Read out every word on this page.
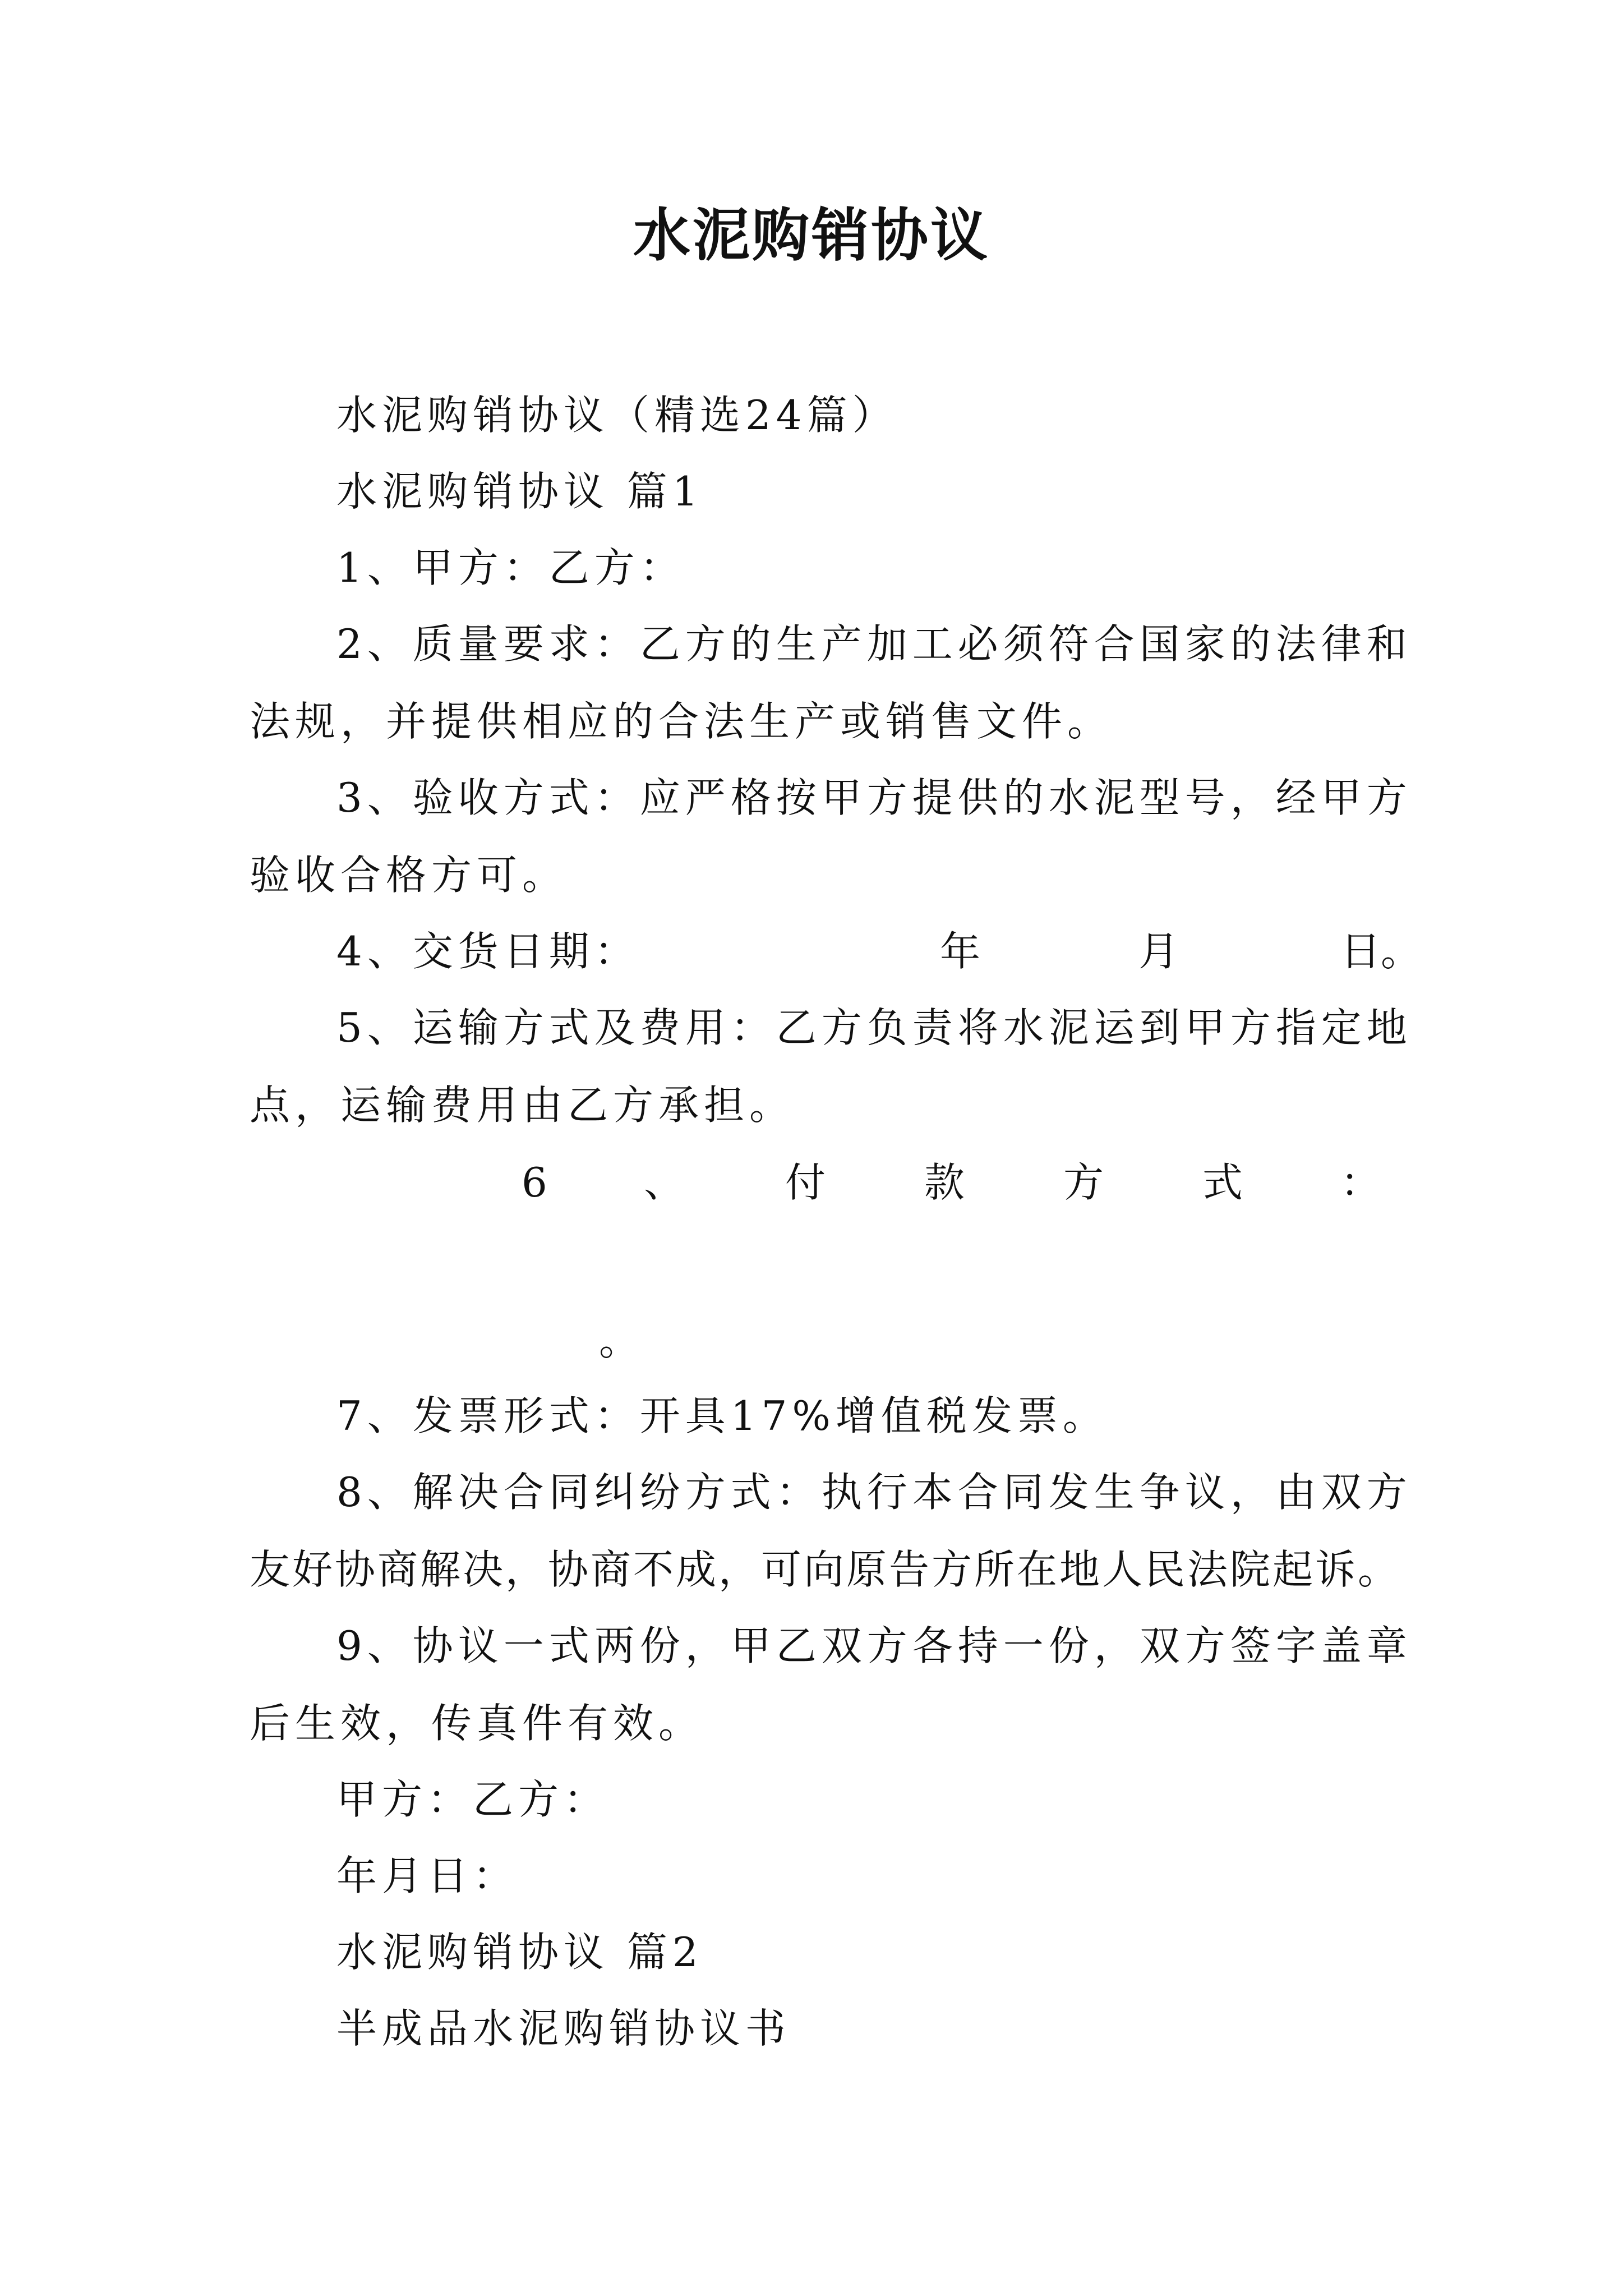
水泥购销协议
水泥购销协议（精选24篇）
水泥购销协议 篇1
1、甲方：乙方：
2、质量要求：乙方的生产加工必须符合国家的法律和
法规，并提供相应的合法生产或销售文件。
3、验收方式：应严格按甲方提供的水泥型号，经甲方
验收合格方可。
4、交货日期：	年	月	日。
5、运输方式及费用：乙方负责将水泥运到甲方指定地
点，运输费用由乙方承担。
6 、 付 款 方 式 ：
。
7、发票形式：开具17%增值税发票。
8、解决合同纠纷方式：执行本合同发生争议，由双方
友好协商解决，协商不成，可向原告方所在地人民法院起诉。
9、协议一式两份，甲乙双方各持一份，双方签字盖章
后生效，传真件有效。
甲方：乙方：
年月日：
水泥购销协议 篇2
半成品水泥购销协议书
